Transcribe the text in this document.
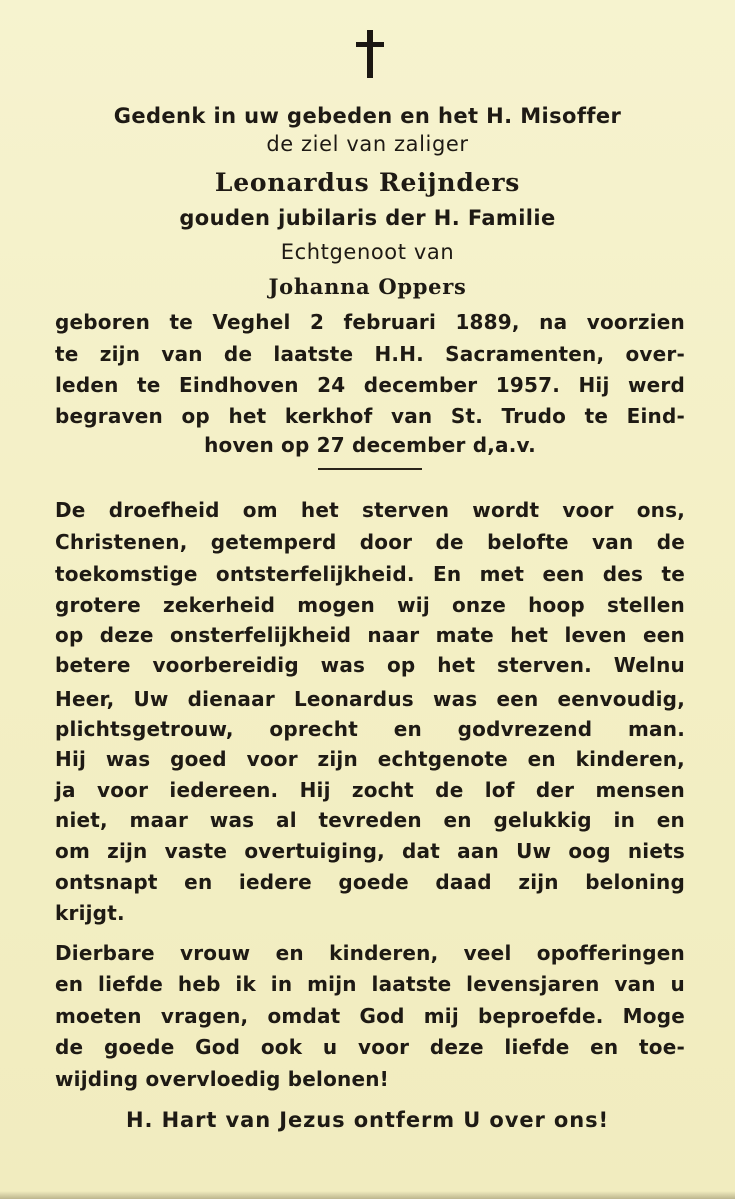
Gedenk in uw gebeden en het H. Misoffer
de ziel van zaliger
Leonardus Reijnders
gouden jubilaris der H. Familie
Echtgenoot van
Johanna Oppers
geboren te Veghel 2 februari 1889, na voorzien
te zijn van de laatste H.H. Sacramenten, over-
leden te Eindhoven 24 december 1957. Hij werd
begraven op het kerkhof van St. Trudo te Eind-
hoven op 27 december d,a.v.
De droefheid om het sterven wordt voor ons,
Christenen, getemperd door de belofte van de
toekomstige ontsterfelijkheid. En met een des te
grotere zekerheid mogen wij onze hoop stellen
op deze onsterfelijkheid naar mate het leven een
betere voorbereidig was op het sterven. Welnu
Heer, Uw dienaar Leonardus was een eenvoudig,
plichtsgetrouw, oprecht en godvrezend man.
Hij was goed voor zijn echtgenote en kinderen,
ja voor iedereen. Hij zocht de lof der mensen
niet, maar was al tevreden en gelukkig in en
om zijn vaste overtuiging, dat aan Uw oog niets
ontsnapt en iedere goede daad zijn beloning
krijgt.
Dierbare vrouw en kinderen, veel opofferingen
en liefde heb ik in mijn laatste levensjaren van u
moeten vragen, omdat God mij beproefde. Moge
de goede God ook u voor deze liefde en toe-
wijding overvloedig belonen!
H. Hart van Jezus ontferm U over ons!
